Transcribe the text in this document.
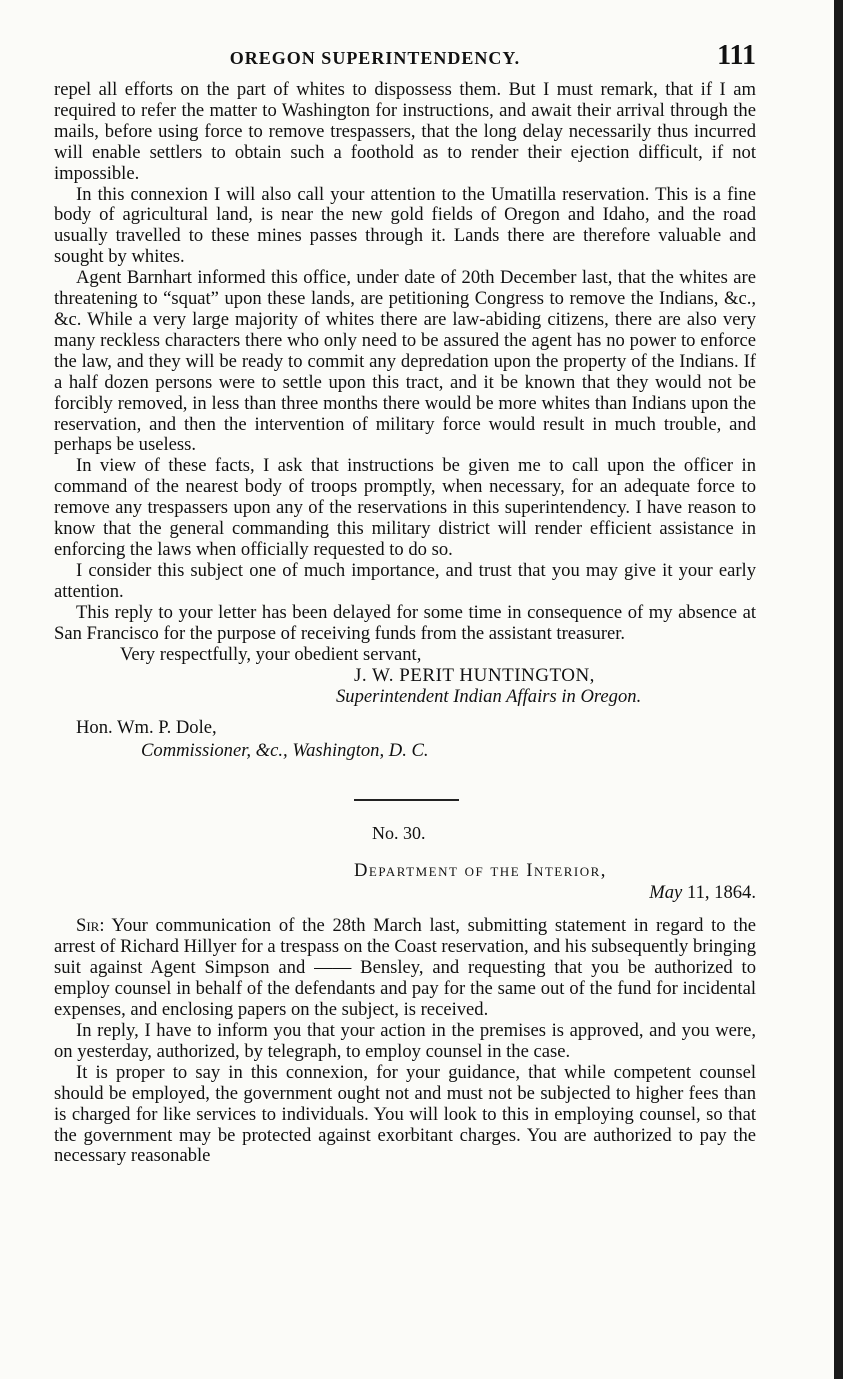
OREGON SUPERINTENDENCY.	111

repel all efforts on the part of whites to dispossess them. But I must remark, that if I am required to refer the matter to Washington for instructions, and await their arrival through the mails, before using force to remove trespassers, that the long delay necessarily thus incurred will enable settlers to obtain such a foothold as to render their ejection difficult, if not impossible.

In this connexion I will also call your attention to the Umatilla reservation. This is a fine body of agricultural land, is near the new gold fields of Oregon and Idaho, and the road usually travelled to these mines passes through it. Lands there are therefore valuable and sought by whites.

Agent Barnhart informed this office, under date of 20th December last, that the whites are threatening to “squat” upon these lands, are petitioning Congress to remove the Indians, &c., &c. While a very large majority of whites there are law-abiding citizens, there are also very many reckless characters there who only need to be assured the agent has no power to enforce the law, and they will be ready to commit any depredation upon the property of the Indians. If a half dozen persons were to settle upon this tract, and it be known that they would not be forcibly removed, in less than three months there would be more whites than Indians upon the reservation, and then the intervention of military force would result in much trouble, and perhaps be useless.

In view of these facts, I ask that instructions be given me to call upon the officer in command of the nearest body of troops promptly, when necessary, for an adequate force to remove any trespassers upon any of the reservations in this superintendency. I have reason to know that the general commanding this military district will render efficient assistance in enforcing the laws when officially requested to do so.

I consider this subject one of much importance, and trust that you may give it your early attention.

This reply to your letter has been delayed for some time in consequence of my absence at San Francisco for the purpose of receiving funds from the assistant treasurer.

Very respectfully, your obedient servant,
J. W. PERIT HUNTINGTON,
Superintendent Indian Affairs in Oregon.
Hon. Wm. P. Dole,
Commissioner, &c., Washington, D. C.
No. 30.
Department of the Interior,
May 11, 1864.

Sir: Your communication of the 28th March last, submitting statement in regard to the arrest of Richard Hillyer for a trespass on the Coast reservation, and his subsequently bringing suit against Agent Simpson and —— Bensley, and requesting that you be authorized to employ counsel in behalf of the defendants and pay for the same out of the fund for incidental expenses, and enclosing papers on the subject, is received.

In reply, I have to inform you that your action in the premises is approved, and you were, on yesterday, authorized, by telegraph, to employ counsel in the case.

It is proper to say in this connexion, for your guidance, that while competent counsel should be employed, the government ought not and must not be subjected to higher fees than is charged for like services to individuals. You will look to this in employing counsel, so that the government may be protected against exorbitant charges. You are authorized to pay the necessary reasonable
